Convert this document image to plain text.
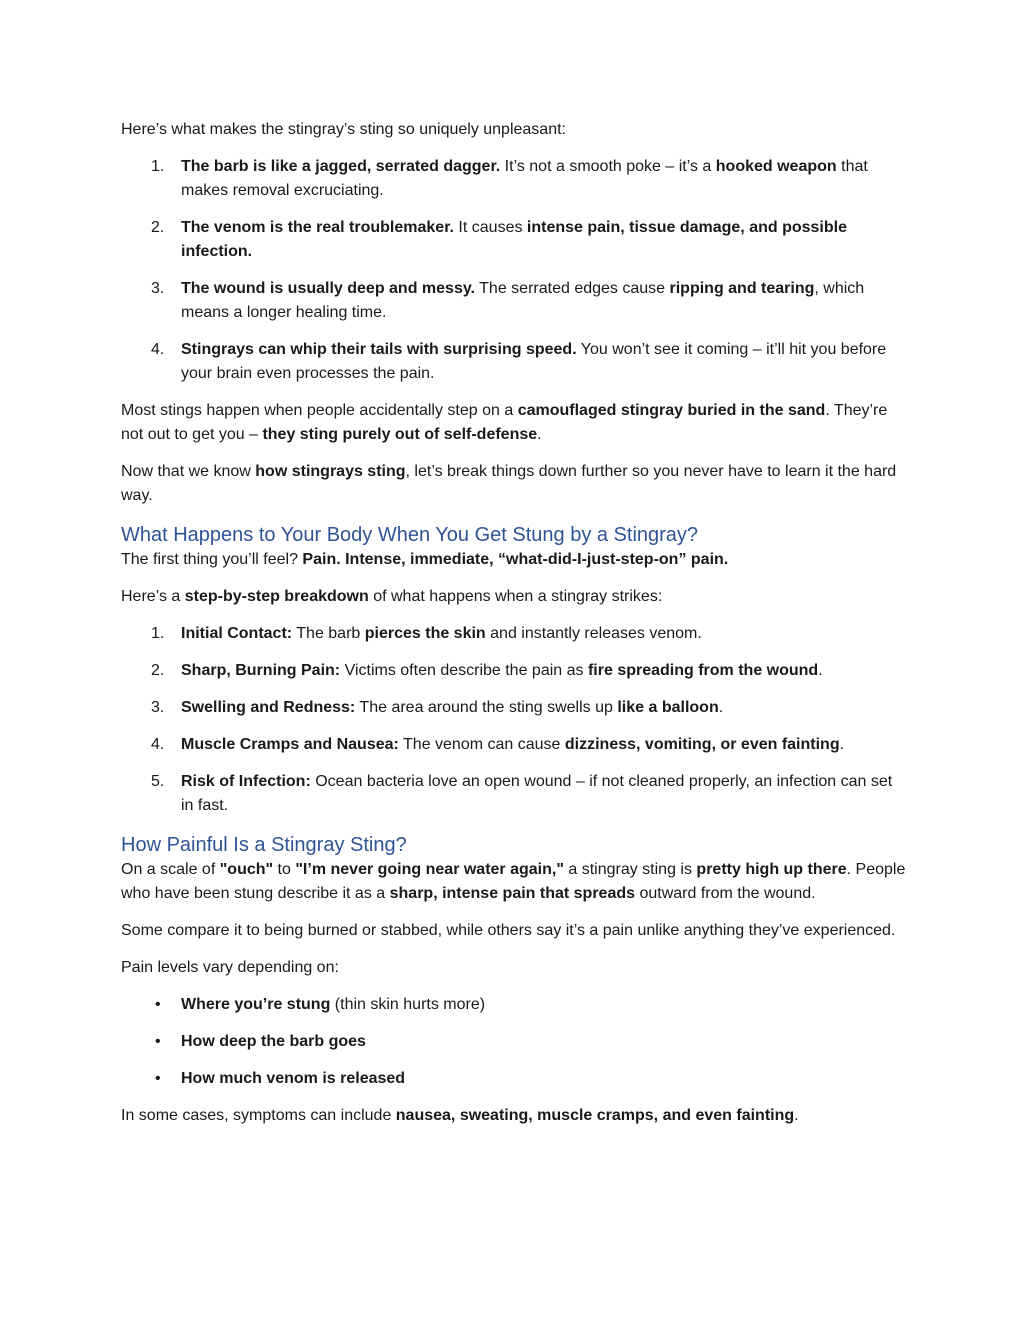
Here’s what makes the stingray’s sting so uniquely unpleasant:

1. The barb is like a jagged, serrated dagger. It’s not a smooth poke – it’s a hooked weapon that makes removal excruciating.
2. The venom is the real troublemaker. It causes intense pain, tissue damage, and possible infection.
3. The wound is usually deep and messy. The serrated edges cause ripping and tearing, which means a longer healing time.
4. Stingrays can whip their tails with surprising speed. You won’t see it coming – it’ll hit you before your brain even processes the pain.

Most stings happen when people accidentally step on a camouflaged stingray buried in the sand. They’re not out to get you – they sting purely out of self-defense.

Now that we know how stingrays sting, let’s break things down further so you never have to learn it the hard way.

What Happens to Your Body When You Get Stung by a Stingray?

The first thing you’ll feel? Pain. Intense, immediate, “what-did-I-just-step-on” pain.

Here’s a step-by-step breakdown of what happens when a stingray strikes:

1. Initial Contact: The barb pierces the skin and instantly releases venom.
2. Sharp, Burning Pain: Victims often describe the pain as fire spreading from the wound.
3. Swelling and Redness: The area around the sting swells up like a balloon.
4. Muscle Cramps and Nausea: The venom can cause dizziness, vomiting, or even fainting.
5. Risk of Infection: Ocean bacteria love an open wound – if not cleaned properly, an infection can set in fast.
How Painful Is a Stingray Sting?

On a scale of "ouch" to "I’m never going near water again," a stingray sting is pretty high up there. People who have been stung describe it as a sharp, intense pain that spreads outward from the wound.

Some compare it to being burned or stabbed, while others say it’s a pain unlike anything they’ve experienced.

Pain levels vary depending on:

• Where you’re stung (thin skin hurts more)
• How deep the barb goes
• How much venom is released

In some cases, symptoms can include nausea, sweating, muscle cramps, and even fainting.
